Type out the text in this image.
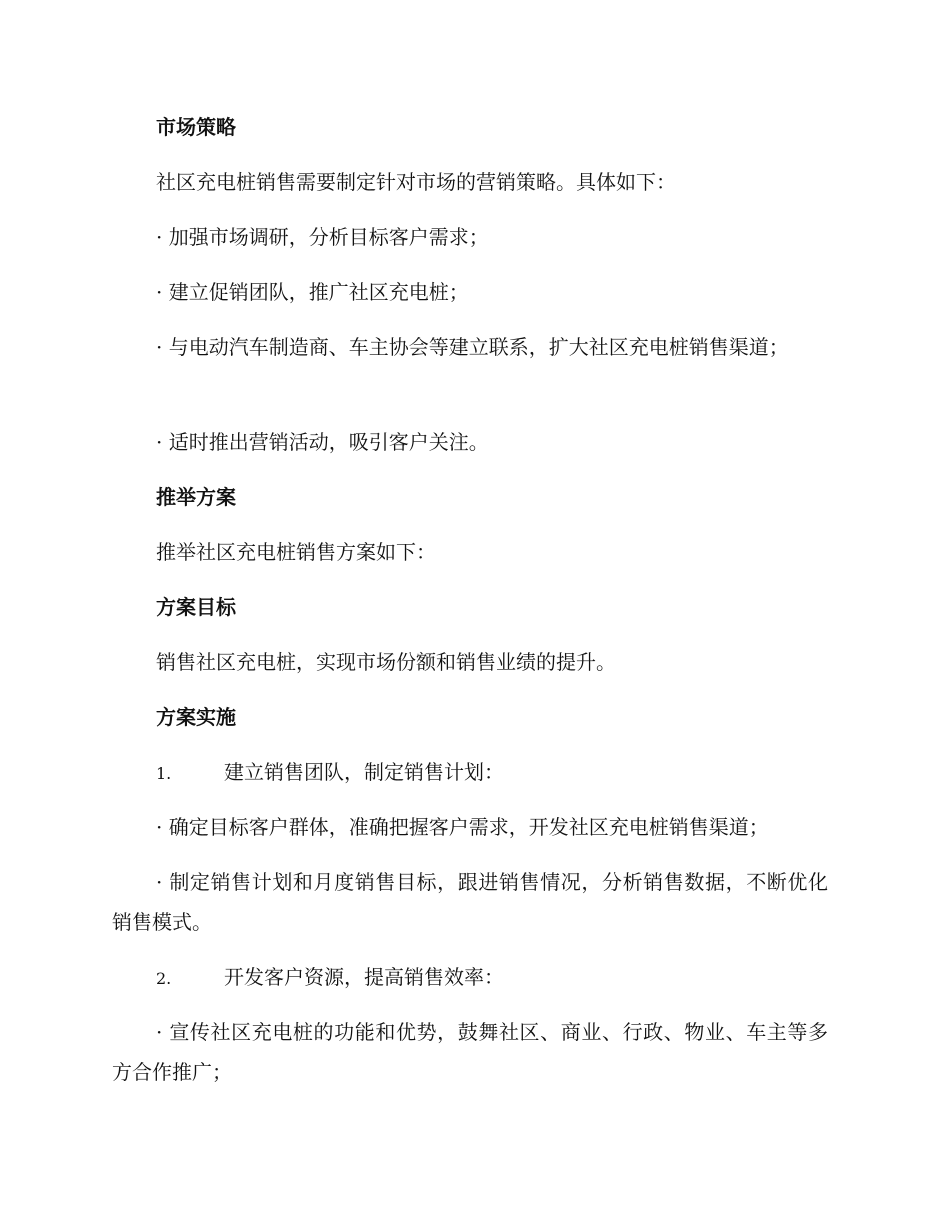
市场策略
社区充电桩销售需要制定针对市场的营销策略。具体如下：
· 加强市场调研，分析目标客户需求；
· 建立促销团队，推广社区充电桩；
· 与电动汽车制造商、车主协会等建立联系，扩大社区充电桩销售渠道；
· 适时推出营销活动，吸引客户关注。
推举方案
推举社区充电桩销售方案如下：
方案目标
销售社区充电桩，实现市场份额和销售业绩的提升。
方案实施
1.	建立销售团队，制定销售计划：
· 确定目标客户群体，准确把握客户需求，开发社区充电桩销售渠道；
· 制定销售计划和月度销售目标，跟进销售情况，分析销售数据，不断优化销售模式。
2.	开发客户资源，提高销售效率：
· 宣传社区充电桩的功能和优势，鼓舞社区、商业、行政、物业、车主等多方合作推广；
